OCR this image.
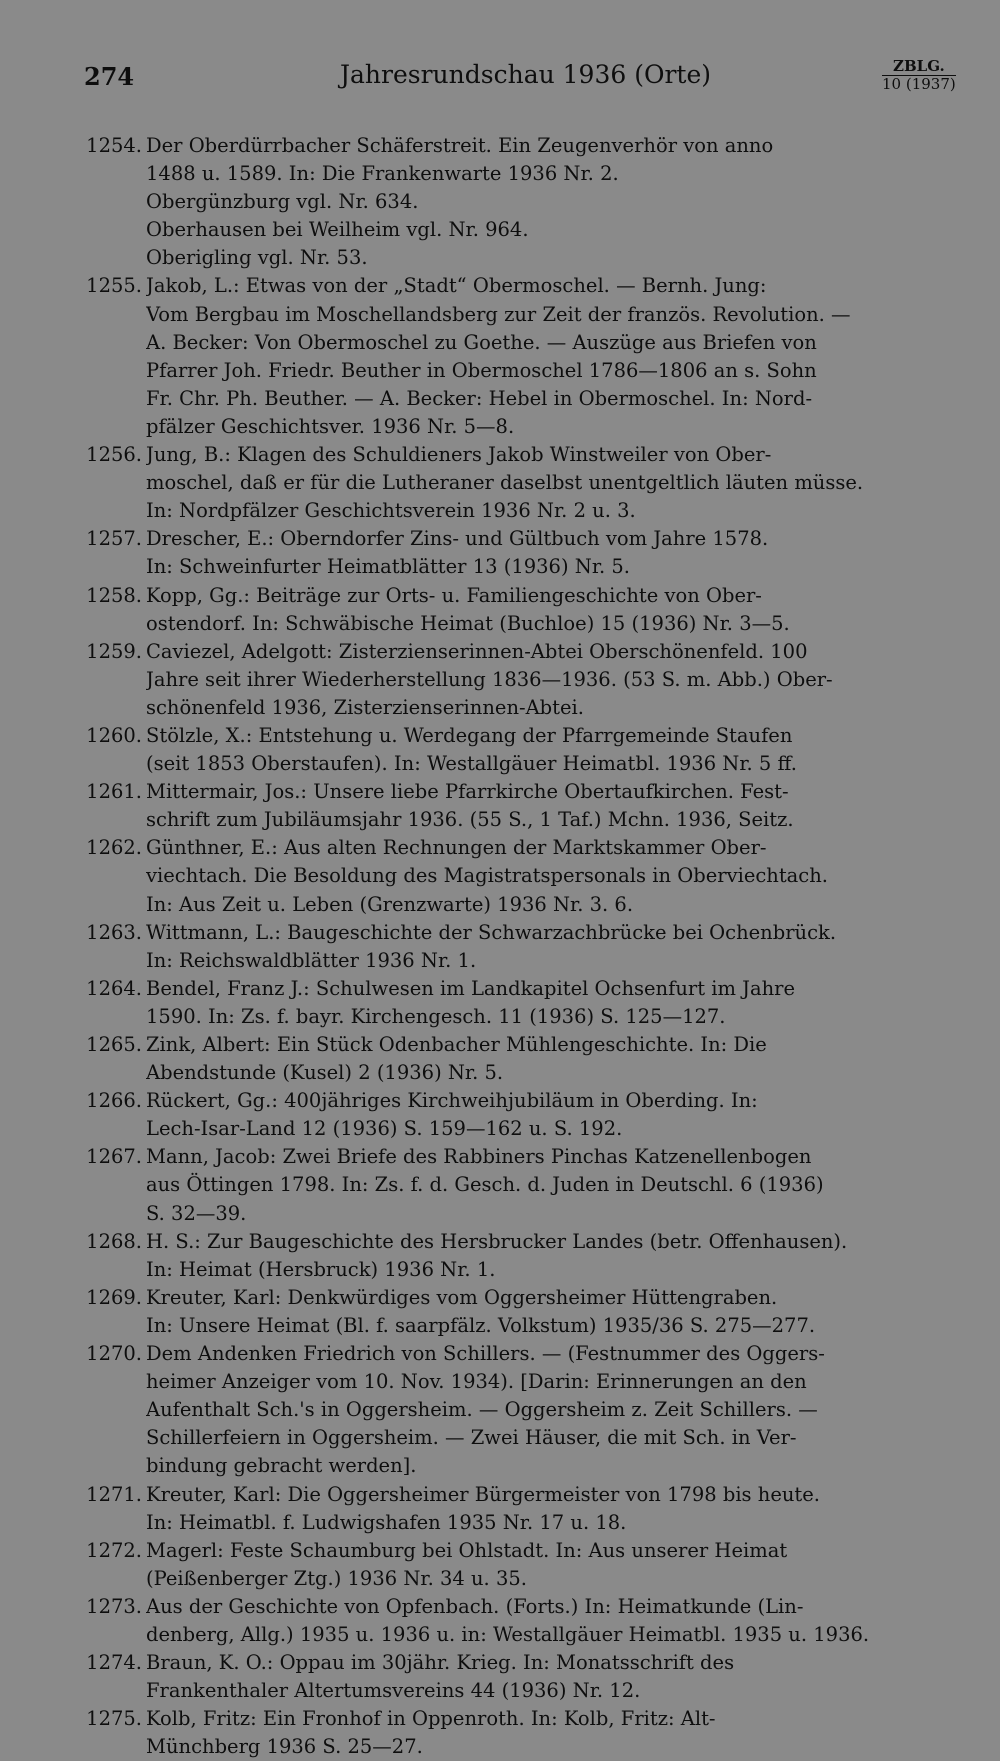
274	Jahresrundschau 1936 (Orte)	ZBLG.
10 (1937)
1254. Der Oberdürrbacher Schäferstreit. Ein Zeugenverhör von anno
1488 u. 1589. In: Die Frankenwarte 1936 Nr. 2.
Obergünzburg vgl. Nr. 634.
Oberhausen bei Weilheim vgl. Nr. 964.
Oberigling vgl. Nr. 53.
1255. Jakob, L.: Etwas von der „Stadt“ Obermoschel. — Bernh. Jung:
Vom Bergbau im Moschellandsberg zur Zeit der französ. Revolution. —
A. Becker: Von Obermoschel zu Goethe. — Auszüge aus Briefen von
Pfarrer Joh. Friedr. Beuther in Obermoschel 1786—1806 an s. Sohn
Fr. Chr. Ph. Beuther. — A. Becker: Hebel in Obermoschel. In: Nord-
pfälzer Geschichtsver. 1936 Nr. 5—8.
1256. Jung, B.: Klagen des Schuldieners Jakob Winstweiler von Ober-
moschel, daß er für die Lutheraner daselbst unentgeltlich läuten müsse.
In: Nordpfälzer Geschichtsverein 1936 Nr. 2 u. 3.
1257. Drescher, E.: Oberndorfer Zins- und Gültbuch vom Jahre 1578.
In: Schweinfurter Heimatblätter 13 (1936) Nr. 5.
1258. Kopp, Gg.: Beiträge zur Orts- u. Familiengeschichte von Ober-
ostendorf. In: Schwäbische Heimat (Buchloe) 15 (1936) Nr. 3—5.
1259. Caviezel, Adelgott: Zisterzienserinnen-Abtei Oberschönenfeld. 100
Jahre seit ihrer Wiederherstellung 1836—1936. (53 S. m. Abb.) Ober-
schönenfeld 1936, Zisterzienserinnen-Abtei.
1260. Stölzle, X.: Entstehung u. Werdegang der Pfarrgemeinde Staufen
(seit 1853 Oberstaufen). In: Westallgäuer Heimatbl. 1936 Nr. 5 ff.
1261. Mittermair, Jos.: Unsere liebe Pfarrkirche Obertaufkirchen. Fest-
schrift zum Jubiläumsjahr 1936. (55 S., 1 Taf.) Mchn. 1936, Seitz.
1262. Günthner, E.: Aus alten Rechnungen der Marktskammer Ober-
viechtach. Die Besoldung des Magistratspersonals in Oberviechtach.
In: Aus Zeit u. Leben (Grenzwarte) 1936 Nr. 3. 6.
1263. Wittmann, L.: Baugeschichte der Schwarzachbrücke bei Ochenbrück.
In: Reichswaldblätter 1936 Nr. 1.
1264. Bendel, Franz J.: Schulwesen im Landkapitel Ochsenfurt im Jahre
1590. In: Zs. f. bayr. Kirchengesch. 11 (1936) S. 125—127.
1265. Zink, Albert: Ein Stück Odenbacher Mühlengeschichte. In: Die
Abendstunde (Kusel) 2 (1936) Nr. 5.
1266. Rückert, Gg.: 400jähriges Kirchweihjubiläum in Oberding. In:
Lech-Isar-Land 12 (1936) S. 159—162 u. S. 192.
1267. Mann, Jacob: Zwei Briefe des Rabbiners Pinchas Katzenellenbogen
aus Öttingen 1798. In: Zs. f. d. Gesch. d. Juden in Deutschl. 6 (1936)
S. 32—39.
1268. H. S.: Zur Baugeschichte des Hersbrucker Landes (betr. Offenhausen).
In: Heimat (Hersbruck) 1936 Nr. 1.
1269. Kreuter, Karl: Denkwürdiges vom Oggersheimer Hüttengraben.
In: Unsere Heimat (Bl. f. saarpfälz. Volkstum) 1935/36 S. 275—277.
1270. Dem Andenken Friedrich von Schillers. — (Festnummer des Oggers-
heimer Anzeiger vom 10. Nov. 1934). [Darin: Erinnerungen an den
Aufenthalt Sch.'s in Oggersheim. — Oggersheim z. Zeit Schillers. —
Schillerfeiern in Oggersheim. — Zwei Häuser, die mit Sch. in Ver-
bindung gebracht werden].
1271. Kreuter, Karl: Die Oggersheimer Bürgermeister von 1798 bis heute.
In: Heimatbl. f. Ludwigshafen 1935 Nr. 17 u. 18.
1272. Magerl: Feste Schaumburg bei Ohlstadt. In: Aus unserer Heimat
(Peißenberger Ztg.) 1936 Nr. 34 u. 35.
1273. Aus der Geschichte von Opfenbach. (Forts.) In: Heimatkunde (Lin-
denberg, Allg.) 1935 u. 1936 u. in: Westallgäuer Heimatbl. 1935 u. 1936.
1274. Braun, K. O.: Oppau im 30jähr. Krieg. In: Monatsschrift des
Frankenthaler Altertumsvereins 44 (1936) Nr. 12.
1275. Kolb, Fritz: Ein Fronhof in Oppenroth. In: Kolb, Fritz: Alt-
Münchberg 1936 S. 25—27.
